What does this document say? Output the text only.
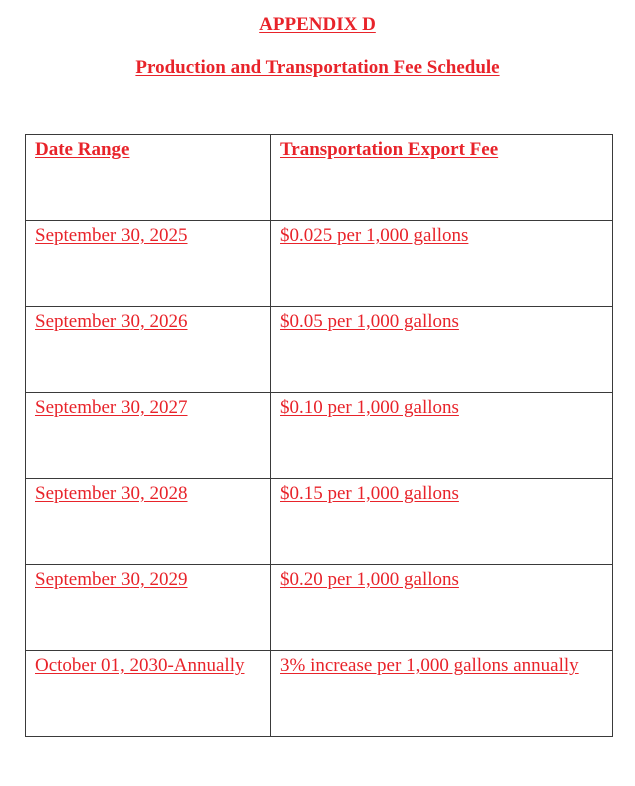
APPENDIX D
Production and Transportation Fee Schedule
Date Range	Transportation Export Fee
September 30, 2025	$0.025 per 1,000 gallons
September 30, 2026	$0.05 per 1,000 gallons
September 30, 2027	$0.10 per 1,000 gallons
September 30, 2028	$0.15 per 1,000 gallons
September 30, 2029	$0.20 per 1,000 gallons
October 01, 2030-Annually	3% increase per 1,000 gallons annually
